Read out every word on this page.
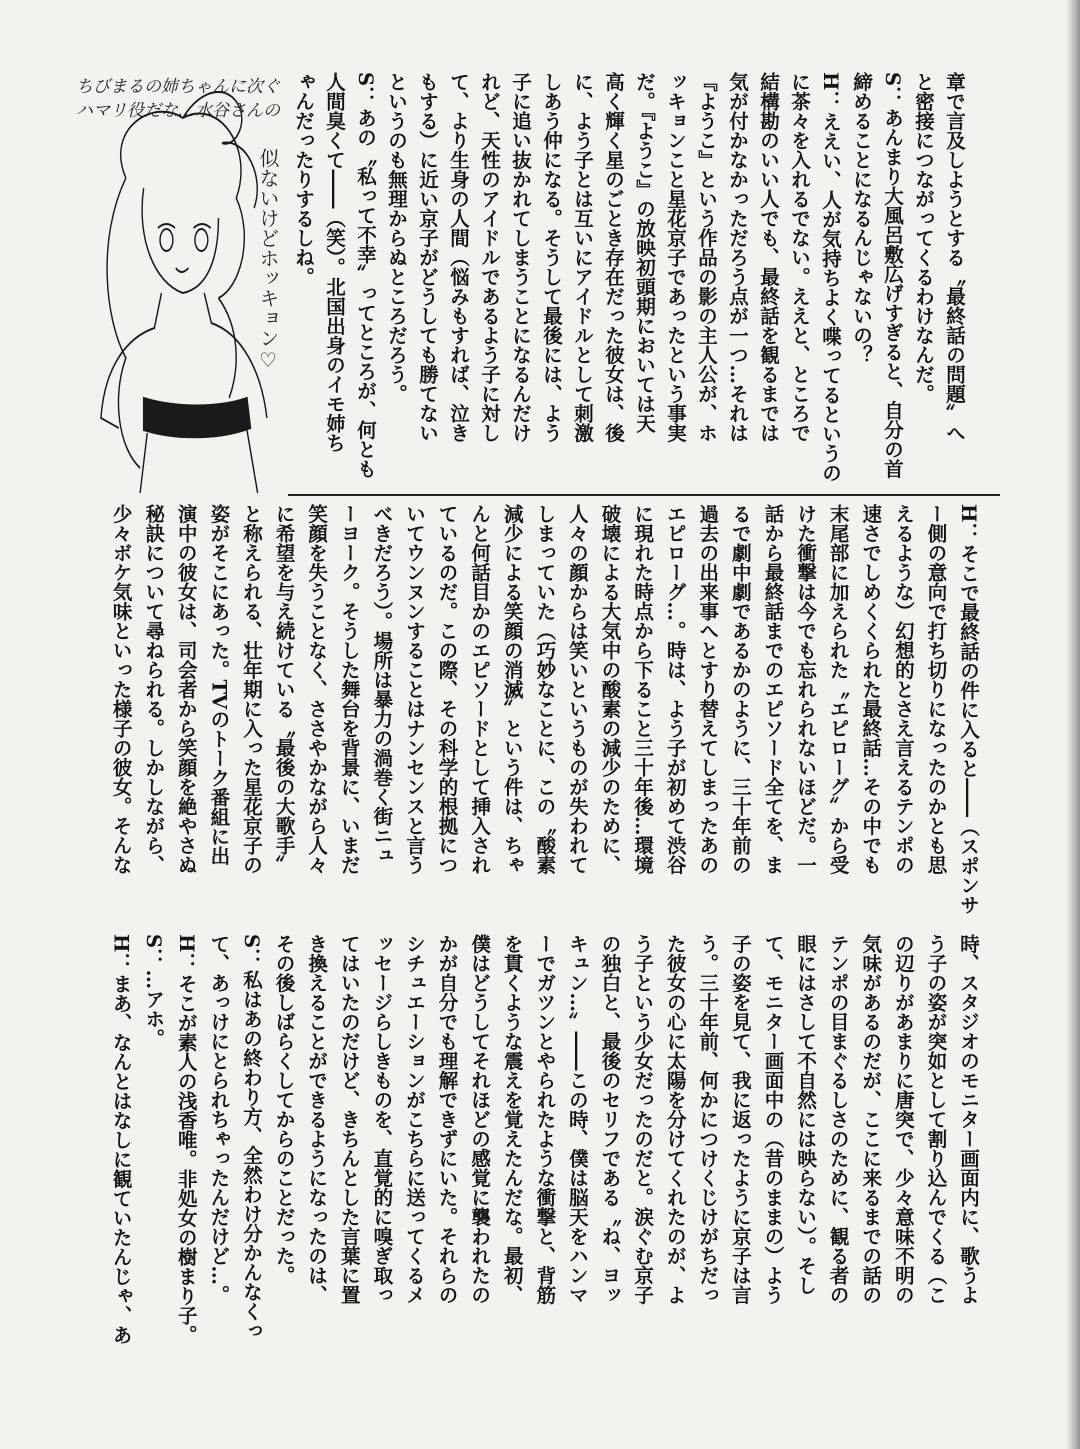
ちびまるの姉ちゃんに次ぐ
ハマリ役だな…水谷さんの
似ないけどホッキョン♡	章で言及しようとする〝最終話の問題〟へ
と密接につながってくるわけなんだ。
S：あんまり大風呂敷広げすぎると、自分の首
締めることになるんじゃないの？
H：ええい、人が気持ちよく喋ってるというの
に茶々を入れるでない。ええと、ところで
結構勘のいい人でも、最終話を観るまでは
気が付かなかっただろう点が一つ…それは
『ようこ』という作品の影の主人公が、ホ
ッキョンこと星花京子であったという事実
だ。『ようこ』の放映初頭期においては天
高く輝く星のごとき存在だった彼女は、後
に、よう子とは互いにアイドルとして刺激
しあう仲になる。そうして最後には、よう
子に追い抜かれてしまうことになるんだけ
れど、天性のアイドルであるよう子に対し
て、より生身の人間（悩みもすれば、泣き
もする）に近い京子がどうしても勝てない
というのも無理からぬところだろう。
S：あの〝私って不幸〟ってところが、何とも
人間臭くて――（笑）。北国出身のイモ姉ち
ゃんだったりするしね。
H：そこで最終話の件に入ると――（スポンサ
ー側の意向で打ち切りになったのかとも思
えるような）幻想的とさえ言えるテンポの
速さでしめくくられた最終話…その中でも
末尾部に加えられた〝エピローグ〟から受
けた衝撃は今でも忘れられないほどだ。一
話から最終話までのエピソード全てを、ま
るで劇中劇であるかのように、三十年前の
過去の出来事へとすり替えてしまったあの
エピローグ…。時は、よう子が初めて渋谷
に現れた時点から下ること三十年後…環境
破壊による大気中の酸素の減少のために、
人々の顔からは笑いというものが失われて
しまっていた（巧妙なことに、この〝酸素
減少による笑顔の消滅〟という件は、ちゃ
んと何話目かのエピソードとして挿入され
ているのだ。この際、その科学的根拠につ
いてウンヌンすることはナンセンスと言う
べきだろう）。場所は暴力の渦巻く街ニュ
ーヨーク。そうした舞台を背景に、いまだ
笑顔を失うことなく、ささやかながら人々
に希望を与え続けている〝最後の大歌手〟
と称えられる、壮年期に入った星花京子の
姿がそこにあった。TVのトーク番組に出
演中の彼女は、司会者から笑顔を絶やさぬ
秘訣について尋ねられる。しかしながら、
少々ボケ気味といった様子の彼女。そんな
時、スタジオのモニター画面内に、歌うよ
う子の姿が突如として割り込んでくる（こ
の辺りがあまりに唐突で、少々意味不明の
気味があるのだが、ここに来るまでの話の
テンポの目まぐるしさのために、観る者の
眼にはさして不自然には映らない）。そし
て、モニター画面中の（昔のままの）よう
子の姿を見て、我に返ったように京子は言
う。三十年前、何かにつけくじけがちだっ
た彼女の心に太陽を分けてくれたのが、よ
う子という少女だったのだと。涙ぐむ京子
の独白と、最後のセリフである〝ね、ヨッ
キュン…〟――この時、僕は脳天をハンマ
ーでガツンとやられたような衝撃と、背筋
を貫くような震えを覚えたんだな。最初、
僕はどうしてそれほどの感覚に襲われたの
かが自分でも理解できずにいた。それらの
シチュエーションがこちらに送ってくるメ
ッセージらしきものを、直覚的に嗅ぎ取っ
てはいたのだけど、きちんとした言葉に置
き換えることができるようになったのは、
その後しばらくしてからのことだった。
S：私はあの終わり方、全然わけ分かんなくっ
て、あっけにとられちゃったんだけど…。
H：そこが素人の浅香唯。非処女の樹まり子。
S：…アホ。
H：まあ、なんとはなしに観ていたんじゃ、あ
